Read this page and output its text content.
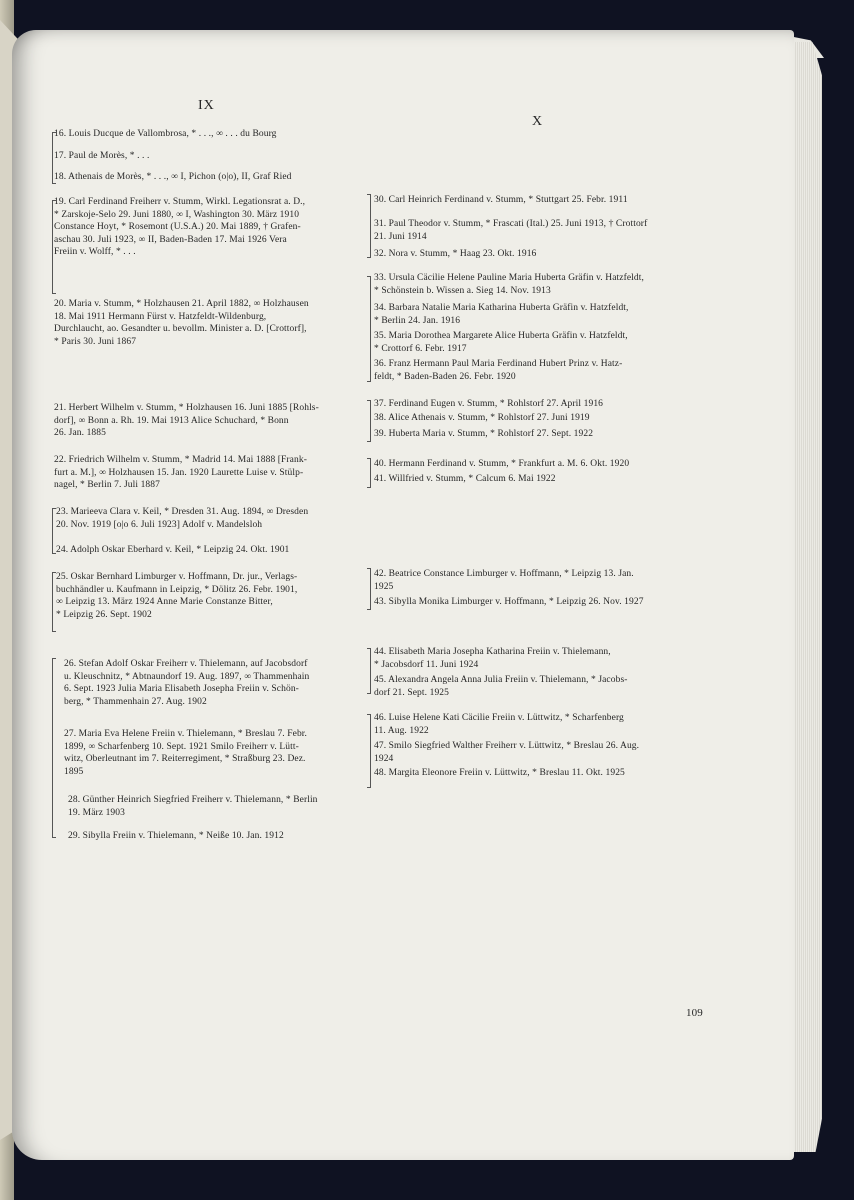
IX
X
16. Louis Ducque de Vallombrosa, * . . ., ∞ . . . du Bourg
17. Paul de Morès, * . . .
18. Athenais de Morès, * . . ., ∞ I, Pichon (o|o), II, Graf Ried
19. Carl Ferdinand Freiherr v. Stumm, Wirkl. Legationsrat a. D.,
* Zarskoje-Selo 29. Juni 1880, ∞ I, Washington 30. März 1910
Constance Hoyt, * Rosemont (U.S.A.) 20. Mai 1889, † Grafen-
aschau 30. Juli 1923, ∞ II, Baden-Baden 17. Mai 1926 Vera
Freiin v. Wolff, * . . .
20. Maria v. Stumm, * Holzhausen 21. April 1882, ∞ Holzhausen
18. Mai 1911 Hermann Fürst v. Hatzfeldt-Wildenburg,
Durchlaucht, ao. Gesandter u. bevollm. Minister a. D. [Crottorf],
* Paris 30. Juni 1867
21. Herbert Wilhelm v. Stumm, * Holzhausen 16. Juni 1885 [Rohls-
dorf], ∞ Bonn a. Rh. 19. Mai 1913 Alice Schuchard, * Bonn
26. Jan. 1885
22. Friedrich Wilhelm v. Stumm, * Madrid 14. Mai 1888 [Frank-
furt a. M.], ∞ Holzhausen 15. Jan. 1920 Laurette Luise v. Stülp-
nagel, * Berlin 7. Juli 1887
23. Marieeva Clara v. Keil, * Dresden 31. Aug. 1894, ∞ Dresden
20. Nov. 1919 [o|o 6. Juli 1923] Adolf v. Mandelsloh
24. Adolph Oskar Eberhard v. Keil, * Leipzig 24. Okt. 1901
25. Oskar Bernhard Limburger v. Hoffmann, Dr. jur., Verlags-
buchhändler u. Kaufmann in Leipzig, * Dölitz 26. Febr. 1901,
∞ Leipzig 13. März 1924 Anne Marie Constanze Bitter,
* Leipzig 26. Sept. 1902
26. Stefan Adolf Oskar Freiherr v. Thielemann, auf Jacobsdorf
u. Kleuschnitz, * Abtnaundorf 19. Aug. 1897, ∞ Thammenhain
6. Sept. 1923 Julia Maria Elisabeth Josepha Freiin v. Schön-
berg, * Thammenhain 27. Aug. 1902
27. Maria Eva Helene Freiin v. Thielemann, * Breslau 7. Febr.
1899, ∞ Scharfenberg 10. Sept. 1921 Smilo Freiherr v. Lütt-
witz, Oberleutnant im 7. Reiterregiment, * Straßburg 23. Dez.
1895
28. Günther Heinrich Siegfried Freiherr v. Thielemann, * Berlin
19. März 1903
29. Sibylla Freiin v. Thielemann, * Neiße 10. Jan. 1912
30. Carl Heinrich Ferdinand v. Stumm, * Stuttgart 25. Febr. 1911
31. Paul Theodor v. Stumm, * Frascati (Ital.) 25. Juni 1913, † Crottorf
21. Juni 1914
32. Nora v. Stumm, * Haag 23. Okt. 1916
33. Ursula Cäcilie Helene Pauline Maria Huberta Gräfin v. Hatzfeldt,
* Schönstein b. Wissen a. Sieg 14. Nov. 1913
34. Barbara Natalie Maria Katharina Huberta Gräfin v. Hatzfeldt,
* Berlin 24. Jan. 1916
35. Maria Dorothea Margarete Alice Huberta Gräfin v. Hatzfeldt,
* Crottorf 6. Febr. 1917
36. Franz Hermann Paul Maria Ferdinand Hubert Prinz v. Hatz-
feldt, * Baden-Baden 26. Febr. 1920
37. Ferdinand Eugen v. Stumm, * Rohlstorf 27. April 1916
38. Alice Athenais v. Stumm, * Rohlstorf 27. Juni 1919
39. Huberta Maria v. Stumm, * Rohlstorf 27. Sept. 1922
40. Hermann Ferdinand v. Stumm, * Frankfurt a. M. 6. Okt. 1920
41. Willfried v. Stumm, * Calcum 6. Mai 1922
42. Beatrice Constance Limburger v. Hoffmann, * Leipzig 13. Jan.
1925
43. Sibylla Monika Limburger v. Hoffmann, * Leipzig 26. Nov. 1927
44. Elisabeth Maria Josepha Katharina Freiin v. Thielemann,
* Jacobsdorf 11. Juni 1924
45. Alexandra Angela Anna Julia Freiin v. Thielemann, * Jacobs-
dorf 21. Sept. 1925
46. Luise Helene Kati Cäcilie Freiin v. Lüttwitz, * Scharfenberg
11. Aug. 1922
47. Smilo Siegfried Walther Freiherr v. Lüttwitz, * Breslau 26. Aug.
1924
48. Margita Eleonore Freiin v. Lüttwitz, * Breslau 11. Okt. 1925
109
